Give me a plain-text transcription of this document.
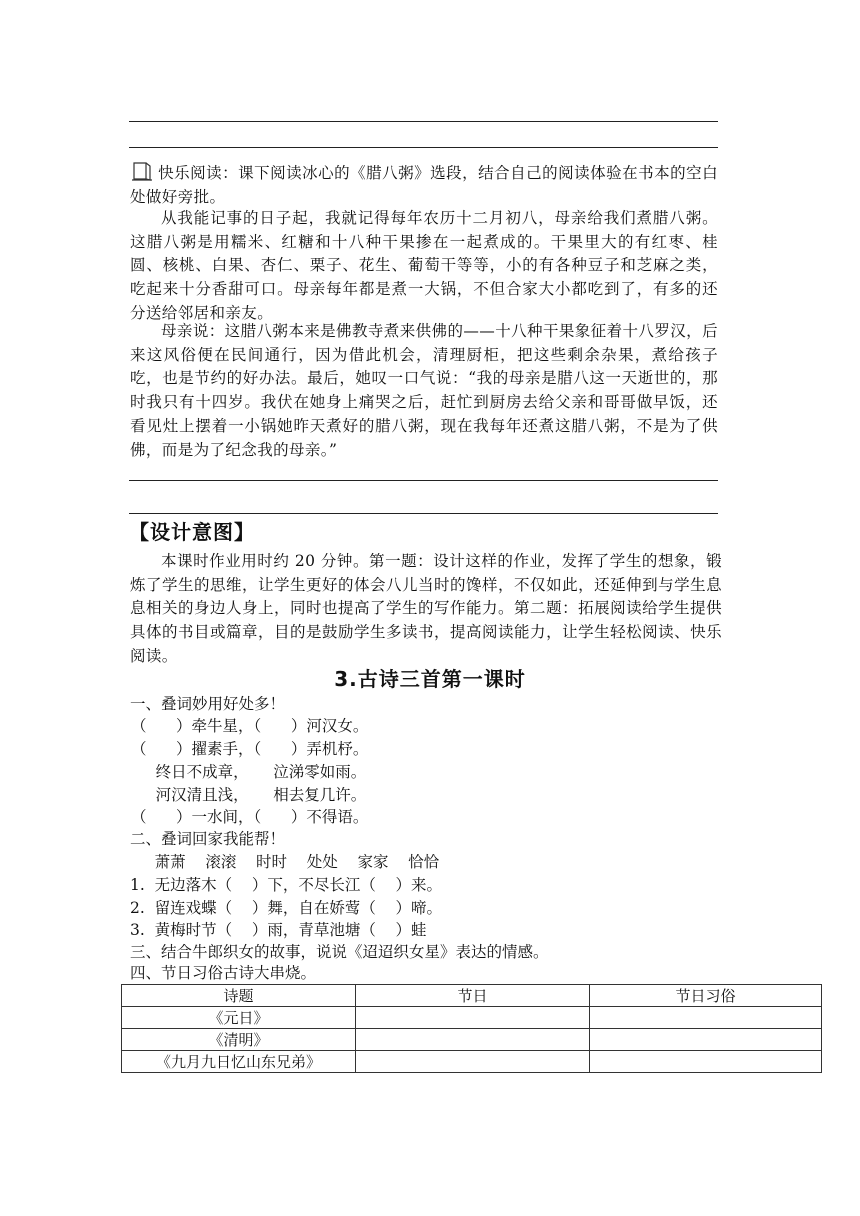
快乐阅读：课下阅读冰心的《腊八粥》选段，结合自己的阅读体验在书本的空白处做好旁批。

从我能记事的日子起，我就记得每年农历十二月初八，母亲给我们煮腊八粥。 这腊八粥是用糯米、红糖和十八种干果掺在一起煮成的。干果里大的有红枣、桂圆、核桃、白果、杏仁、栗子、花生、葡萄干等等，小的有各种豆子和芝麻之类，吃起来十分香甜可口。母亲每年都是煮一大锅，不但合家大小都吃到了，有多的还分送给邻居和亲友。

母亲说：这腊八粥本来是佛教寺煮来供佛的——十八种干果象征着十八罗汉，后来这风俗便在民间通行，因为借此机会，清理厨柜，把这些剩余杂果，煮给孩子吃，也是节约的好办法。最后，她叹一口气说：“我的母亲是腊八这一天逝世的，那时我只有十四岁。我伏在她身上痛哭之后，赶忙到厨房去给父亲和哥哥做早饭，还看见灶上摆着一小锅她昨天煮好的腊八粥，现在我每年还煮这腊八粥，不是为了供佛，而是为了纪念我的母亲。”

【设计意图】

本课时作业用时约 20 分钟。第一题：设计这样的作业，发挥了学生的想象，锻炼了学生的思维，让学生更好的体会八儿当时的馋样，不仅如此，还延伸到与学生息息相关的身边人身上，同时也提高了学生的写作能力。第二题：拓展阅读给学生提供具体的书目或篇章，目的是鼓励学生多读书，提高阅读能力，让学生轻松阅读、快乐阅读。

3.古诗三首第一课时

一、叠词妙用好处多！

（      ）牵牛星，（      ）河汉女。

（      ）擢素手，（      ）弄机杼。

终日不成章，     泣涕零如雨。

河汉清且浅，     相去复几许。

（      ）一水间，（      ）不得语。

二、叠词回家我能帮！

萧萧    滚滚    时时    处处    家家    恰恰

1.  无边落木（    ）下，不尽长江（    ）来。

2.  留连戏蝶（    ）舞，自在娇莺（    ）啼。

3.  黄梅时节（    ）雨，青草池塘（    ）蛙

三、结合牛郎织女的故事，说说《迢迢织女星》表达的情感。

四、节日习俗古诗大串烧。

诗题	节日	节日习俗
《元日》		
《清明》		
《九月九日忆山东兄弟》		
